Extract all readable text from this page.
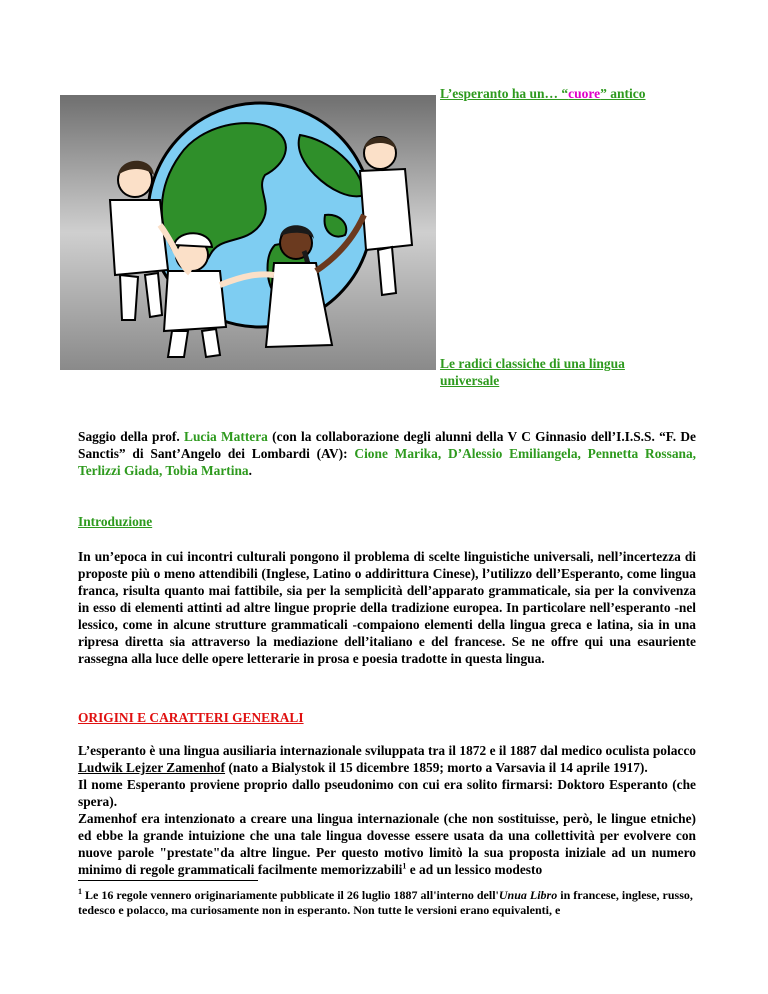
L’esperanto ha un… “cuore” antico
Le radici classiche di una lingua universale
Saggio della prof. Lucia Mattera (con la collaborazione degli alunni della V C Ginnasio dell’I.I.S.S. “F. De Sanctis” di Sant’Angelo dei Lombardi (AV): Cione Marika, D’Alessio Emiliangela, Pennetta Rossana, Terlizzi Giada, Tobia Martina.
Introduzione
In un’epoca in cui incontri culturali pongono il problema di scelte linguistiche universali, nell’incertezza di proposte più o meno attendibili (Inglese, Latino o addirittura Cinese), l’utilizzo dell’Esperanto, come lingua franca, risulta quanto mai fattibile, sia per la semplicità dell’apparato grammaticale, sia per la convivenza in esso di elementi attinti ad altre lingue proprie della tradizione europea. In particolare nell’esperanto -nel lessico, come in alcune strutture grammaticali -compaiono elementi della lingua greca e latina, sia in una ripresa diretta sia attraverso la mediazione dell’italiano e del francese. Se ne offre qui una esauriente rassegna alla luce delle opere letterarie in prosa e poesia tradotte in questa lingua.
ORIGINI E CARATTERI GENERALI
L’esperanto è una lingua ausiliaria internazionale sviluppata tra il 1872 e il 1887 dal medico oculista polacco Ludwik Lejzer Zamenhof (nato a Bialystok il 15 dicembre 1859; morto a Varsavia il 14 aprile 1917).
Il nome Esperanto proviene proprio dallo pseudonimo con cui era solito firmarsi: Doktoro Esperanto (che spera).
Zamenhof era intenzionato a creare una lingua internazionale (che non sostituisse, però, le lingue etniche) ed ebbe la grande intuizione che una tale lingua dovesse essere usata da una collettività per evolvere con nuove parole "prestate"da altre lingue. Per questo motivo limitò la sua proposta iniziale ad un numero minimo di regole grammaticali facilmente memorizzabili$^1$ e ad un lessico modesto
$^1$ Le 16 regole vennero originariamente pubblicate il 26 luglio 1887 all'interno dell'Unua Libro in francese, inglese, russo, tedesco e polacco, ma curiosamente non in esperanto. Non tutte le versioni erano equivalenti, e
